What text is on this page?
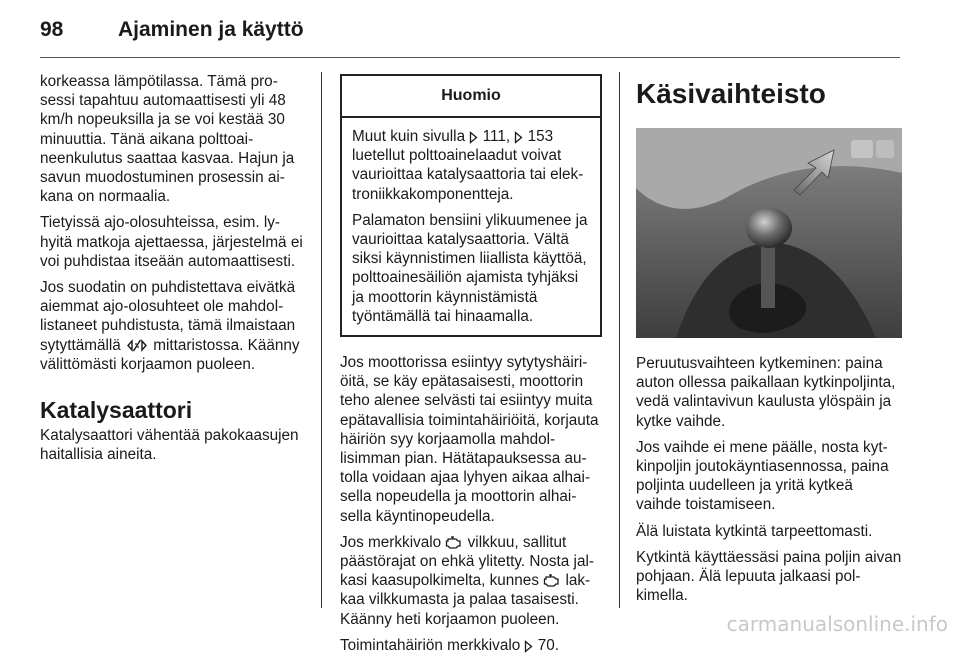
98	Ajaminen ja käyttö

korkeassa lämpötilassa. Tämä prosessi tapahtuu automaattisesti yli 48 km/h nopeuksilla ja se voi kestää 30 minuuttia. Tänä aikana polttoaineenkulutus saattaa kasvaa. Hajun ja savun muodostuminen prosessin aikana on normaalia.

Tietyissä ajo-olosuhteissa, esim. lyhyitä matkoja ajettaessa, järjestelmä ei voi puhdistaa itseään automaattisesti.

Jos suodatin on puhdistettava eivätkä aiemmat ajo-olosuhteet ole mahdollistaneet puhdistusta, tämä ilmaistaan sytyttämällä mittaristossa. Käänny välittömästi korjaamon puoleen.

Katalysaattori

Katalysaattori vähentää pakokaasujen haitallisia aineita.

Huomio

Muut kuin sivulla 111, 153 luetellut polttoainelaadut voivat vaurioittaa katalysaattoria tai elektroniikkakomponentteja.

Palamaton bensiini ylikuumenee ja vaurioittaa katalysaattoria. Vältä siksi käynnistimen liiallista käyttöä, polttoainesäiliön ajamista tyhjäksi ja moottorin käynnistämistä työntämällä tai hinaamalla.

Jos moottorissa esiintyy sytytyshäiriöitä, se käy epätasaisesti, moottorin teho alenee selvästi tai esiintyy muita epätavallisia toimintahäiriöitä, korjauta häiriön syy korjaamolla mahdollisimman pian. Hätätapauksessa autolla voidaan ajaa lyhyen aikaa alhaisella nopeudella ja moottorin alhaisella käyntinopeudella.

Jos merkkivalo vilkkuu, sallitut päästörajat on ehkä ylitetty. Nosta jalkasi kaasupolkimelta, kunnes lakkaa vilkkumasta ja palaa tasaisesti. Käänny heti korjaamon puoleen.

Toimintahäiriön merkkivalo 70.

Käsivaihteisto

Peruutusvaihteen kytkeminen: paina auton ollessa paikallaan kytkinpoljinta, vedä valintavivun kaulusta ylöspäin ja kytke vaihde.

Jos vaihde ei mene päälle, nosta kytkinpoljin joutokäyntiasennossa, paina poljinta uudelleen ja yritä kytkeä vaihde toistamiseen.

Älä luistata kytkintä tarpeettomasti.

Kytkintä käyttäessäsi paina poljin aivan pohjaan. Älä lepuuta jalkaasi polkimella.

carmanualsonline.info
